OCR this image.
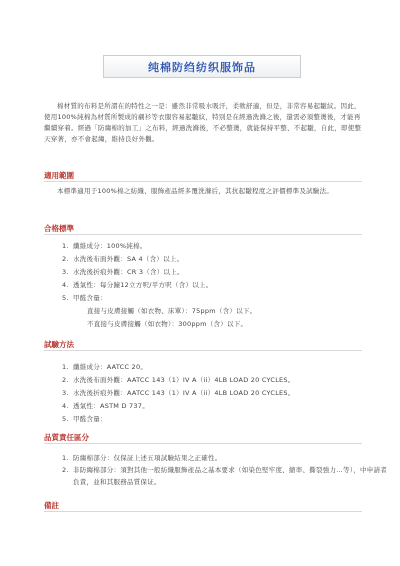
纯棉防绉纺织服饰品
棉材質的布料是所謂在的特性之一是：雖然非常吸水吸汗，柔軟舒適，但是，非常容易起皺紋。因此，使用100%純棉為材質所製成的襯衫等衣服容易起皺紋，特別是在經過洗滌之後，還需必須整燙後，才能再繼續穿着。經過「防縐棉的加工」之布料，經過洗滌後，不必整燙，就能保持平整、不起皺，自此，即使整天穿著，亦不會起縐，維持良好外觀。
適用範圍
本標準適用于100%棉之紡織、服飾產品經多覆洗滌后，其抗起皺程度之評價標準及試驗法。
合格標準
1. 纖維成分：100%純棉。
2. 水洗後布面外觀：SA 4（含）以上。
3. 水洗後折痕外觀：CR 3（含）以上。
4. 透氣性：每分鐘12立方呎/平方呎（含）以上。
5. 甲醛含量：
直接与皮膚接觸（如衣物、床單）：75ppm（含）以下。
不直接与皮膚接觸（如衣物）：300ppm（含）以下。
試驗方法
1. 纖維成分：AATCC 20。
2. 水洗後布面外觀：AATCC 143（1）IV A（ii）4LB LOAD 20 CYCLES。
3. 水洗後折痕外觀：AATCC 143（1）IV A（ii）4LB LOAD 20 CYCLES。
4. 透氣性：ASTM D 737。
5. 甲醛含量：
品質責任區分
1. 防縐棉部分：仅保証上述五項試驗結果之正確性。
2. 非防縐棉部分：須對其他一般紡織服飾產品之基本要求（如染色堅牢度、縮率、撕裂強力…等），中申請者負責，並和其服務品質保证。
備註
